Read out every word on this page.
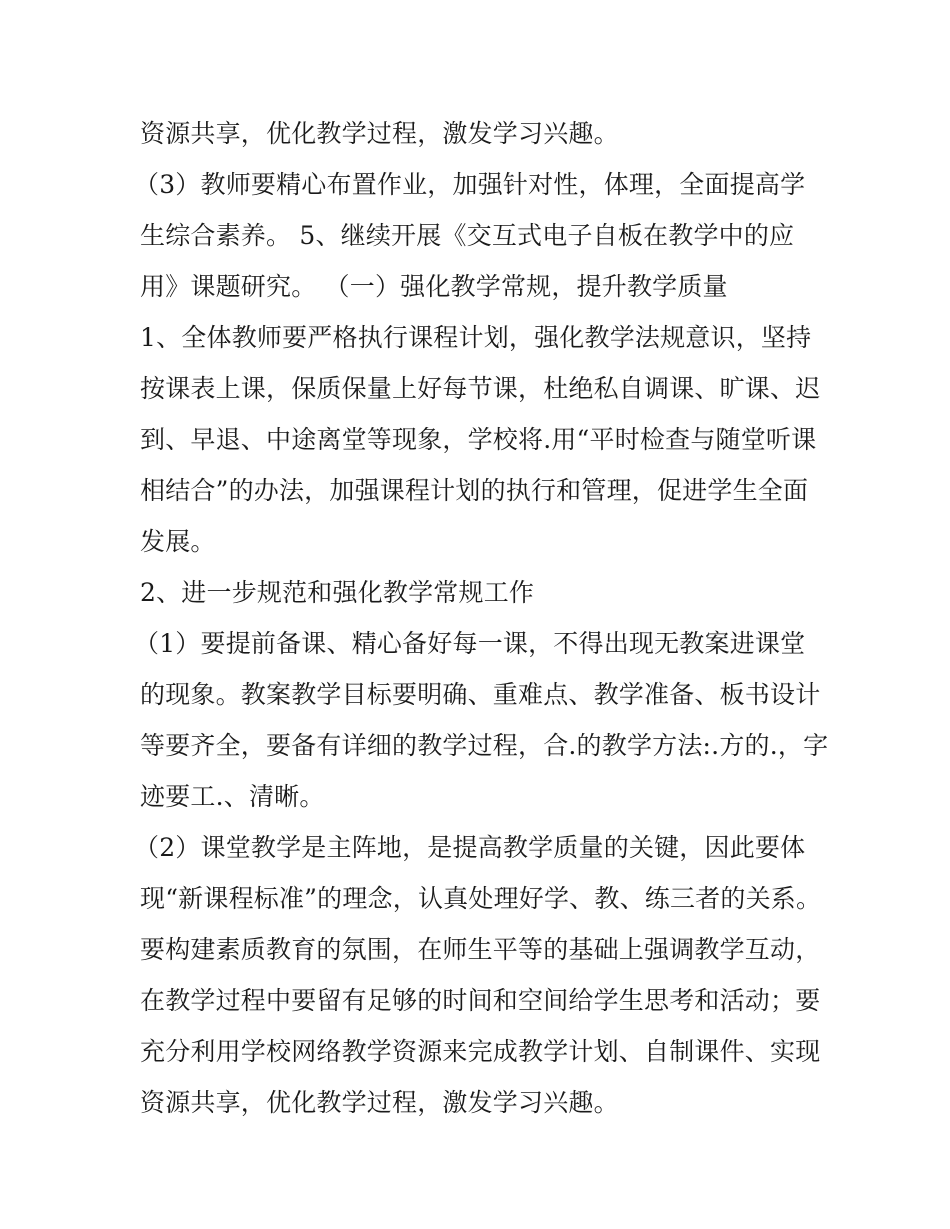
资源共享，优化教学过程，激发学习兴趣。
（3）教师要精心布置作业，加强针对性，体理，全面提高学
生综合素养。 5、继续开展《交互式电子自板在教学中的应
用》课题研究。 （一）强化教学常规，提升教学质量
1、全体教师要严格执行课程计划，强化教学法规意识，坚持
按课表上课，保质保量上好每节课，杜绝私自调课、旷课、迟
到、早退、中途离堂等现象，学校将.用“平时检查与随堂听课
相结合”的办法，加强课程计划的执行和管理，促进学生全面
发展。
2、进一步规范和强化教学常规工作
（1）要提前备课、精心备好每一课，不得出现无教案进课堂
的现象。教案教学目标要明确、重难点、教学准备、板书设计
等要齐全，要备有详细的教学过程，合.的教学方法:.方的.，字
迹要工.、清晰。
（2）课堂教学是主阵地，是提高教学质量的关键，因此要体
现“新课程标准”的理念，认真处理好学、教、练三者的关系。
要构建素质教育的氛围，在师生平等的基础上强调教学互动，
在教学过程中要留有足够的时间和空间给学生思考和活动；要
充分利用学校网络教学资源来完成教学计划、自制课件、实现
资源共享，优化教学过程，激发学习兴趣。
